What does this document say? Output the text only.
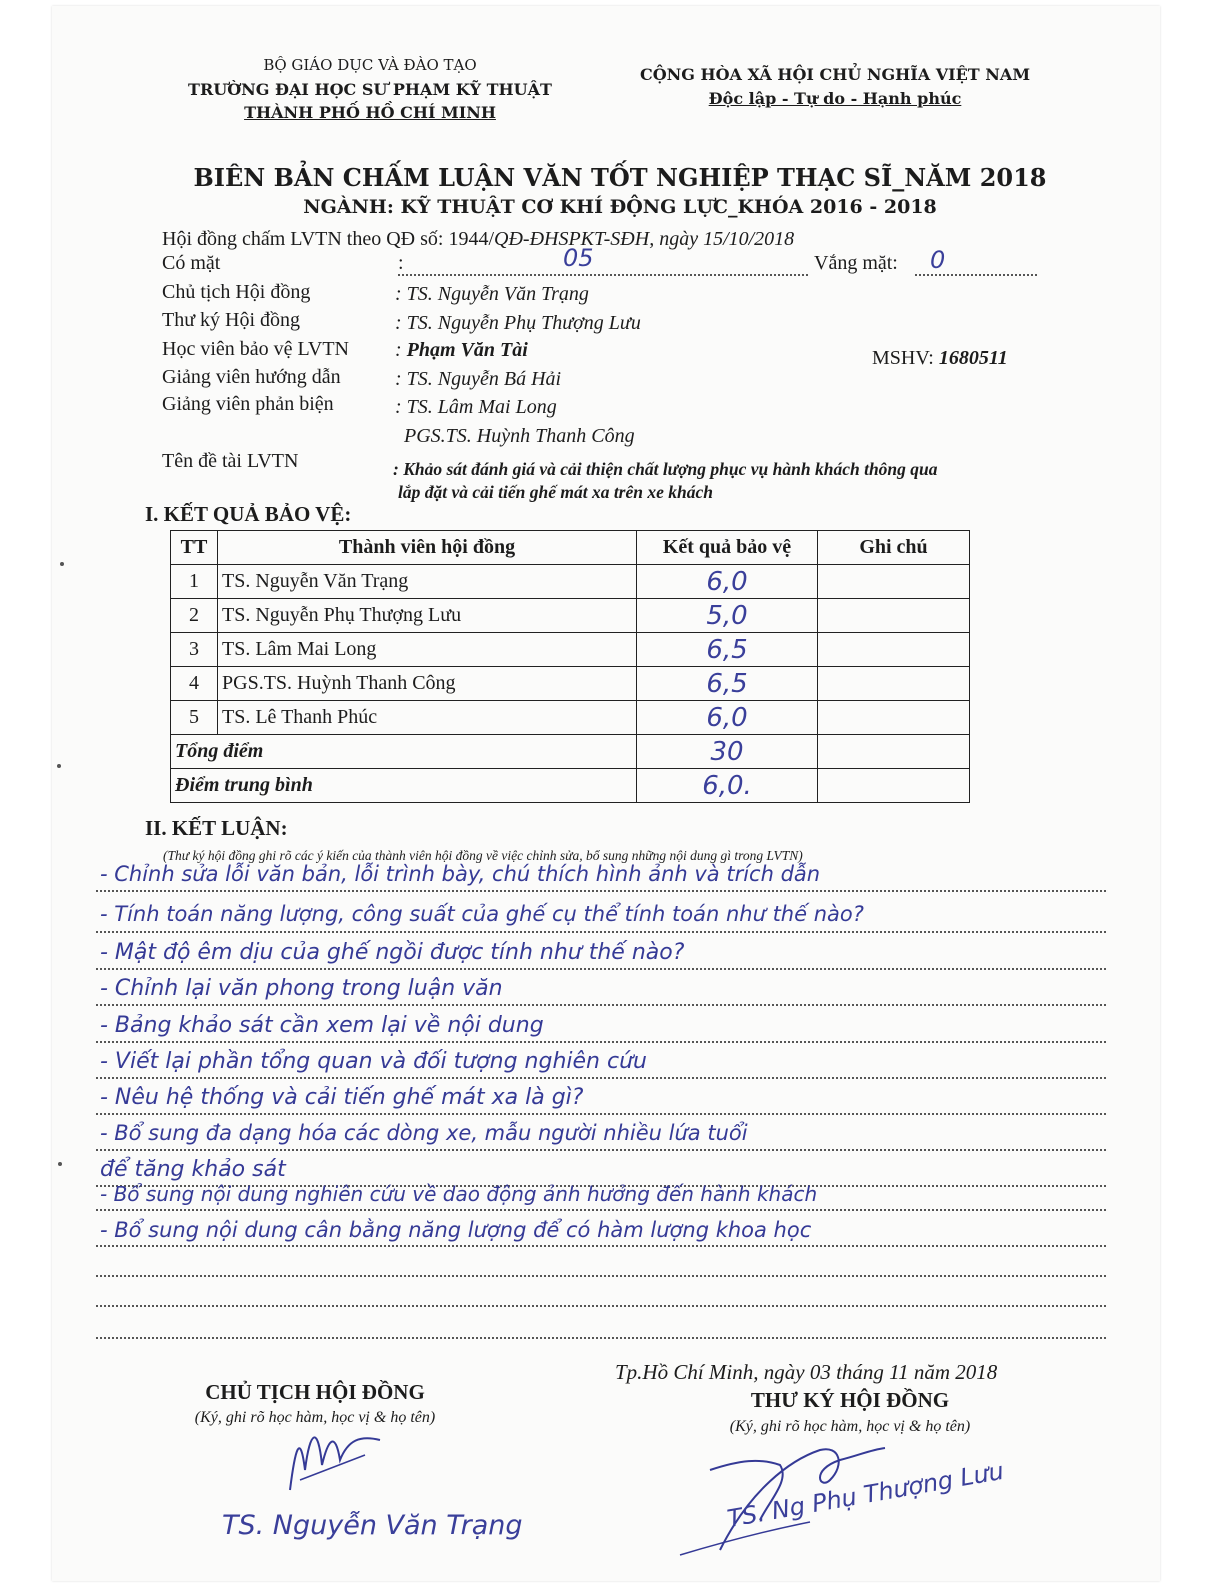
BỘ GIÁO DỤC VÀ ĐÀO TẠO
TRƯỜNG ĐẠI HỌC SƯ PHẠM KỸ THUẬT
THÀNH PHỐ HỒ CHÍ MINH
CỘNG HÒA XÃ HỘI CHỦ NGHĨA VIỆT NAM
Độc lập - Tự do - Hạnh phúc
BIÊN BẢN CHẤM LUẬN VĂN TỐT NGHIỆP THẠC SĨ_NĂM 2018
NGÀNH: KỸ THUẬT CƠ KHÍ ĐỘNG LỰC_KHÓA 2016 - 2018
Hội đồng chấm LVTN theo QĐ số: 1944/QĐ-ĐHSPKT-SĐH, ngày 15/10/2018
Có mặt	:	05	Vắng mặt: 0
Chủ tịch Hội đồng	: TS. Nguyễn Văn Trạng
Thư ký Hội đồng	: TS. Nguyễn Phụ Thượng Lưu
Học viên bảo vệ LVTN : Phạm Văn Tài	MSHV: 1680511
Giảng viên hướng dẫn	: TS. Nguyễn Bá Hải
Giảng viên phản biện	: TS. Lâm Mai Long
PGS.TS. Huỳnh Thanh Công
Tên đề tài LVTN	: Khảo sát đánh giá và cải thiện chất lượng phục vụ hành khách thông qua
lắp đặt và cải tiến ghế mát xa trên xe khách
I. KẾT QUẢ BẢO VỆ:
TT	Thành viên hội đồng	Kết quả bảo vệ	Ghi chú
1	TS. Nguyễn Văn Trạng	6,0	
2	TS. Nguyễn Phụ Thượng Lưu	5,0	
3	TS. Lâm Mai Long	6,5	
4	PGS.TS. Huỳnh Thanh Công	6,5	
5	TS. Lê Thanh Phúc	6,0	
Tổng điểm		30	
Điểm trung bình		6,0.	
II. KẾT LUẬN:
(Thư ký hội đồng ghi rõ các ý kiến của thành viên hội đồng về việc chỉnh sửa, bổ sung những nội dung gì trong LVTN)
- Chỉnh sửa lỗi văn bản, lỗi trình bày, chú thích hình ảnh và trích dẫn
- Tính toán năng lượng, công suất của ghế cụ thể tính toán như thế nào?
- Mật độ êm dịu của ghế ngồi được tính như thế nào?
- Chỉnh lại văn phong trong luận văn
- Bảng khảo sát cần xem lại về nội dung
- Viết lại phần tổng quan và đối tượng nghiên cứu
- Nêu hệ thống và cải tiến ghế mát xa là gì?
- Bổ sung đa dạng hóa các dòng xe, mẫu người nhiều lứa tuổi
để tăng khảo sát
- Bổ sung nội dung nghiên cứu về dao động ảnh hưởng đến hành khách
- Bổ sung nội dung cân bằng năng lượng để có hàm lượng khoa học
Tp.Hồ Chí Minh, ngày 03 tháng 11 năm 2018
CHỦ TỊCH HỘI ĐỒNG
(Ký, ghi rõ học hàm, học vị & họ tên)
THƯ KÝ HỘI ĐỒNG
(Ký, ghi rõ học hàm, học vị & họ tên)
TS. Nguyễn Văn Trạng	TS. Ng Phụ Thượng Lưu
